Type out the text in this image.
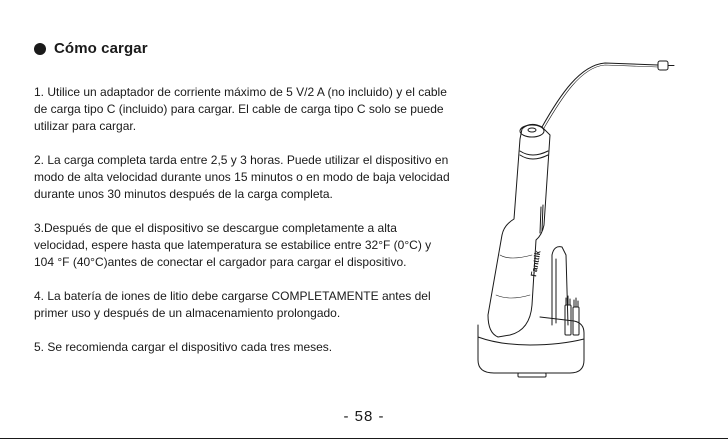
Cómo cargar

1. Utilice un adaptador de corriente máximo de 5 V/2 A (no incluido) y el cable de carga tipo C (incluido) para cargar. El cable de carga tipo C solo se puede utilizar para cargar.

2. La carga completa tarda entre 2,5 y 3 horas. Puede utilizar el dispositivo en modo de alta velocidad durante unos 15 minutos o en modo de baja velocidad durante unos 30 minutos después de la carga completa.

3.Después de que el dispositivo se descargue completamente a alta velocidad, espere hasta que latemperatura se estabilice entre 32°F (0°C) y 104 °F (40°C)antes de conectar el cargador para cargar el dispositivo.

4. La batería de iones de litio debe cargarse COMPLETAMENTE antes del primer uso y después de un almacenamiento prolongado.

5. Se recomienda cargar el dispositivo cada tres meses.

Fanttik
- 58 -
